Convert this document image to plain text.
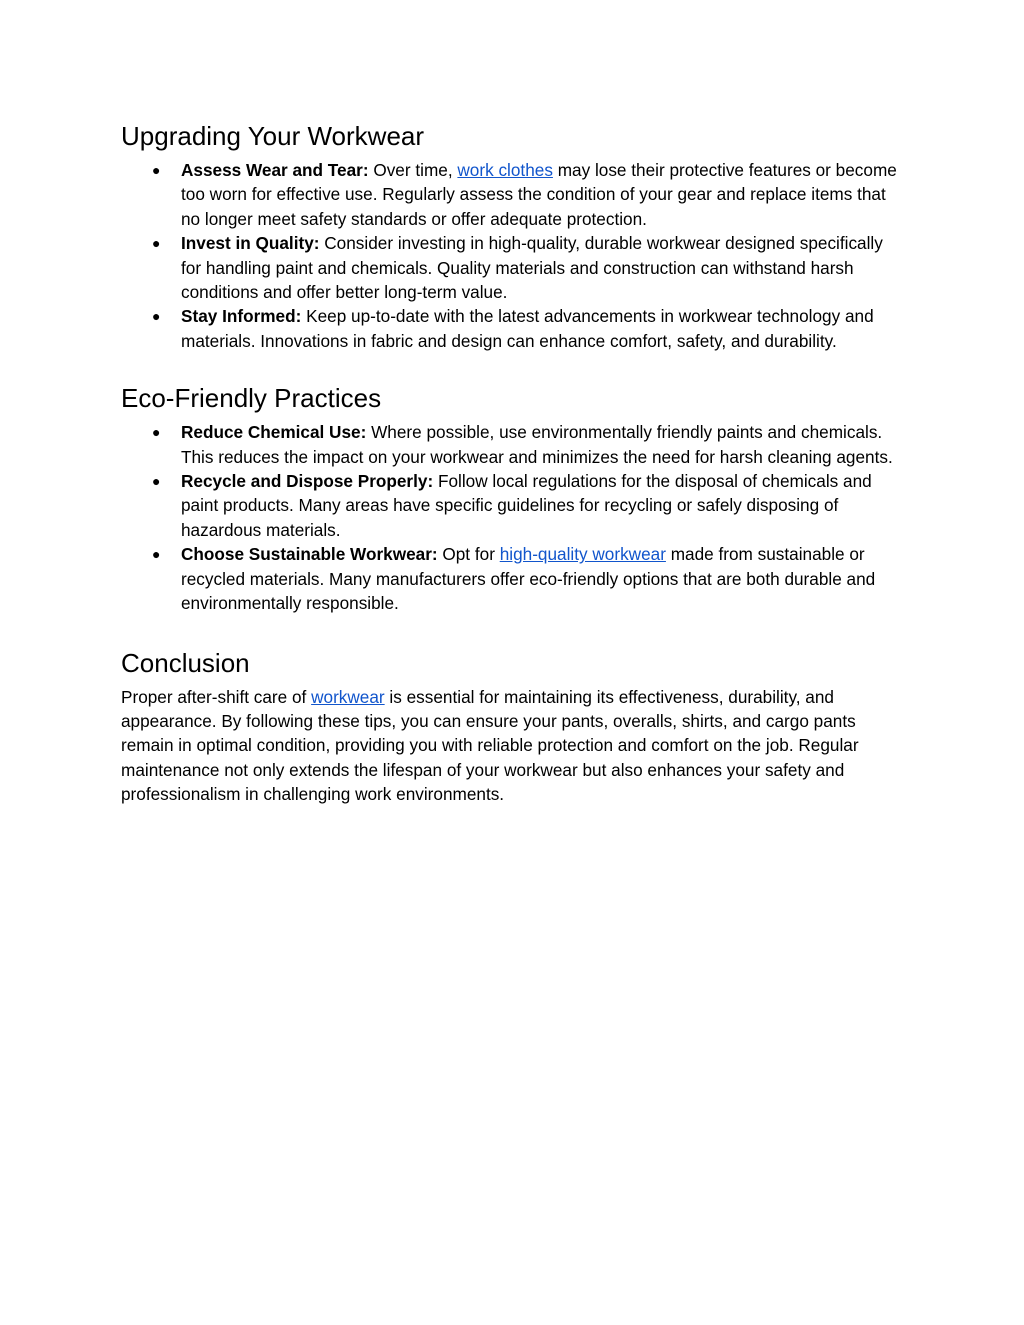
Upgrading Your Workwear
● Assess Wear and Tear: Over time, work clothes may lose their protective features or become too worn for effective use. Regularly assess the condition of your gear and replace items that no longer meet safety standards or offer adequate protection.
● Invest in Quality: Consider investing in high-quality, durable workwear designed specifically for handling paint and chemicals. Quality materials and construction can withstand harsh conditions and offer better long-term value.
● Stay Informed: Keep up-to-date with the latest advancements in workwear technology and materials. Innovations in fabric and design can enhance comfort, safety, and durability.
Eco-Friendly Practices
● Reduce Chemical Use: Where possible, use environmentally friendly paints and chemicals. This reduces the impact on your workwear and minimizes the need for harsh cleaning agents.
● Recycle and Dispose Properly: Follow local regulations for the disposal of chemicals and paint products. Many areas have specific guidelines for recycling or safely disposing of hazardous materials.
● Choose Sustainable Workwear: Opt for high-quality workwear made from sustainable or recycled materials. Many manufacturers offer eco-friendly options that are both durable and environmentally responsible.
Conclusion

Proper after-shift care of workwear is essential for maintaining its effectiveness, durability, and appearance. By following these tips, you can ensure your pants, overalls, shirts, and cargo pants remain in optimal condition, providing you with reliable protection and comfort on the job. Regular maintenance not only extends the lifespan of your workwear but also enhances your safety and professionalism in challenging work environments.
